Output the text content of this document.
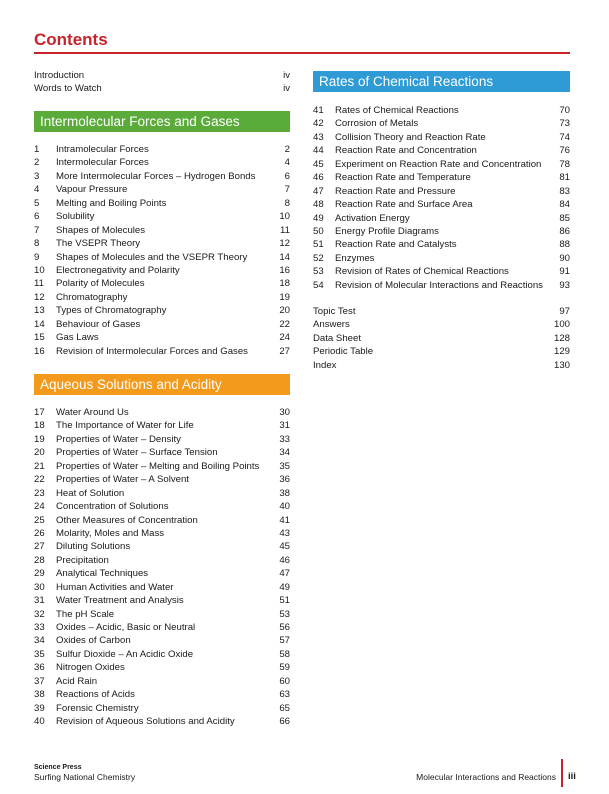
Contents
Introduction	iv
Words to Watch	iv
Intermolecular Forces and Gases
1 Intramolecular Forces	2
2 Intermolecular Forces	4
3 More Intermolecular Forces – Hydrogen Bonds	6
4 Vapour Pressure	7
5 Melting and Boiling Points	8
6 Solubility	10
7 Shapes of Molecules	11
8 The VSEPR Theory	12
9 Shapes of Molecules and the VSEPR Theory	14
10 Electronegativity and Polarity	16
11 Polarity of Molecules	18
12 Chromatography	19
13 Types of Chromatography	20
14 Behaviour of Gases	22
15 Gas Laws	24
16 Revision of Intermolecular Forces and Gases	27
Aqueous Solutions and Acidity
17 Water Around Us	30
18 The Importance of Water for Life	31
19 Properties of Water – Density	33
20 Properties of Water – Surface Tension	34
21 Properties of Water – Melting and Boiling Points	35
22 Properties of Water – A Solvent	36
23 Heat of Solution	38
24 Concentration of Solutions	40
25 Other Measures of Concentration	41
26 Molarity, Moles and Mass	43
27 Diluting Solutions	45
28 Precipitation	46
29 Analytical Techniques	47
30 Human Activities and Water	49
31 Water Treatment and Analysis	51
32 The pH Scale	53
33 Oxides – Acidic, Basic or Neutral	56
34 Oxides of Carbon	57
35 Sulfur Dioxide – An Acidic Oxide	58
36 Nitrogen Oxides	59
37 Acid Rain	60
38 Reactions of Acids	63
39 Forensic Chemistry	65
40 Revision of Aqueous Solutions and Acidity	66
Rates of Chemical Reactions
41 Rates of Chemical Reactions	70
42 Corrosion of Metals	73
43 Collision Theory and Reaction Rate	74
44 Reaction Rate and Concentration	76
45 Experiment on Reaction Rate and Concentration	78
46 Reaction Rate and Temperature	81
47 Reaction Rate and Pressure	83
48 Reaction Rate and Surface Area	84
49 Activation Energy	85
50 Energy Profile Diagrams	86
51 Reaction Rate and Catalysts	88
52 Enzymes	90
53 Revision of Rates of Chemical Reactions	91
54 Revision of Molecular Interactions and Reactions	93
Topic Test	97
Answers	100
Data Sheet	128
Periodic Table	129
Index	130
Science Press
Surfing National Chemistry	Molecular Interactions and Reactions iii
